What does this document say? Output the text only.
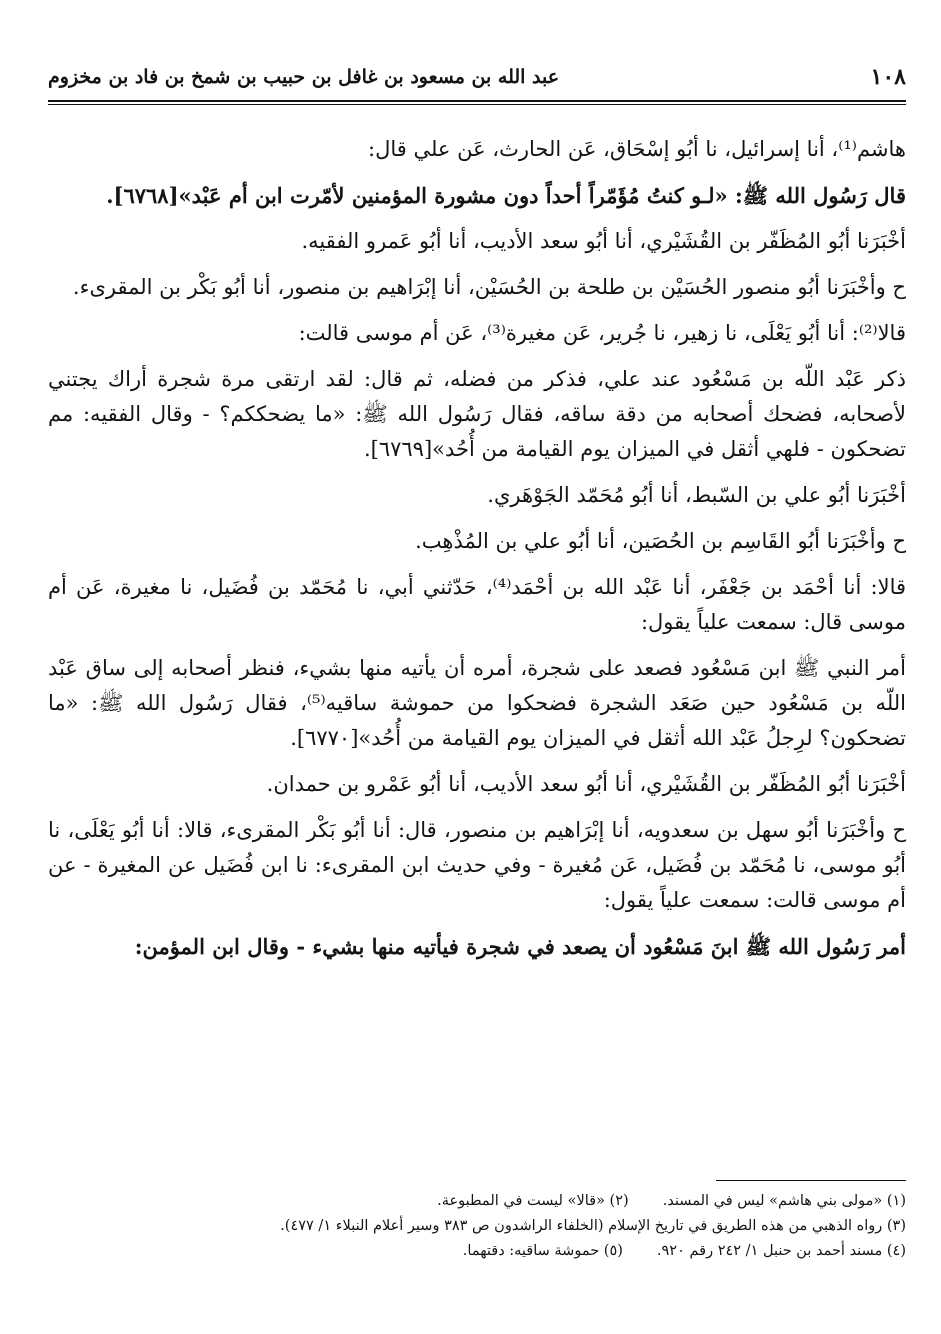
١٠٨
عبد الله بن مسعود بن غافل بن حبيب بن شمخ بن فاد بن مخزوم

هاشم⁽¹⁾، أنا إسرائيل، نا أبُو إسْحَاق، عَن الحارث، عَن علي قال:

قال رَسُول الله ﷺ: «لـو كنتُ مُؤَمّراً أحداً دون مشورة المؤمنين لأمّرت ابن أم عَبْد»[٦٧٦٨].

أخْبَرَنا أبُو المُظَفّر بن القُشَيْري، أنا أبُو سعد الأديب، أنا أبُو عَمرو الفقيه.

ح وأخْبَرَنا أبُو منصور الحُسَيْن بن طلحة بن الحُسَيْن، أنا إبْرَاهيم بن منصور، أنا أبُو بَكْر بن المقرىء.

قالا⁽²⁾: أنا أبُو يَعْلَى، نا زهير، نا جُرير، عَن مغيرة⁽³⁾، عَن أم موسى قالت:

ذكر عَبْد اللّه بن مَسْعُود عند علي، فذكر من فضله، ثم قال: لقد ارتقى مرة شجرة أراك يجتني لأصحابه، فضحك أصحابه من دقة ساقه، فقال رَسُول الله ﷺ: «ما يضحككم؟ - وقال الفقيه: مم تضحكون - فلهي أثقل في الميزان يوم القيامة من أُحُد»[٦٧٦٩].

أخْبَرَنا أبُو علي بن السّبط، أنا أبُو مُحَمّد الجَوْهَري.

ح وأخْبَرَنا أبُو القَاسِم بن الحُصَين، أنا أبُو علي بن المُذْهِب.

قالا: أنا أحْمَد بن جَعْفَر، أنا عَبْد الله بن أحْمَد⁽⁴⁾، حَدّثني أبي، نا مُحَمّد بن فُضَيل، نا مغيرة، عَن أم موسى قال: سمعت علياً يقول:

أمر النبي ﷺ ابن مَسْعُود فصعد على شجرة، أمره أن يأتيه منها بشيء، فنظر أصحابه إلى ساق عَبْد اللّه بن مَسْعُود حين صَعَد الشجرة فضحكوا من حموشة ساقيه⁽⁵⁾، فقال رَسُول الله ﷺ: «ما تضحكون؟ لرِجلُ عَبْد الله أثقل في الميزان يوم القيامة من أُحُد»[٦٧٧٠].

أخْبَرَنا أبُو المُظَفّر بن القُشَيْري، أنا أبُو سعد الأديب، أنا أبُو عَمْرو بن حمدان.

ح وأخْبَرَنا أبُو سهل بن سعدويه، أنا إبْرَاهيم بن منصور، قال: أنا أبُو بَكْر المقرىء، قالا: أنا أبُو يَعْلَى، نا أبُو موسى، نا مُحَمّد بن فُضَيل، عَن مُغيرة - وفي حديث ابن المقرىء: نا ابن فُضَيل عن المغيرة - عن أم موسى قالت: سمعت علياً يقول:

أمر رَسُول الله ﷺ ابنَ مَسْعُود أن يصعد في شجرة فيأتيه منها بشيء - وقال ابن المؤمن:

(١) «مولى بني هاشم» ليس في المسند.
(٢) «قالا» ليست في المطبوعة.
(٣) رواه الذهبي من هذه الطريق في تاريخ الإسلام (الخلفاء الراشدون ص ٣٨٣ وسير أعلام النبلاء ١/ ٤٧٧).
(٤) مسند أحمد بن حنبل ١/ ٢٤٢ رقم ٩٢٠.
(٥) حموشة ساقيه: دقتهما.
